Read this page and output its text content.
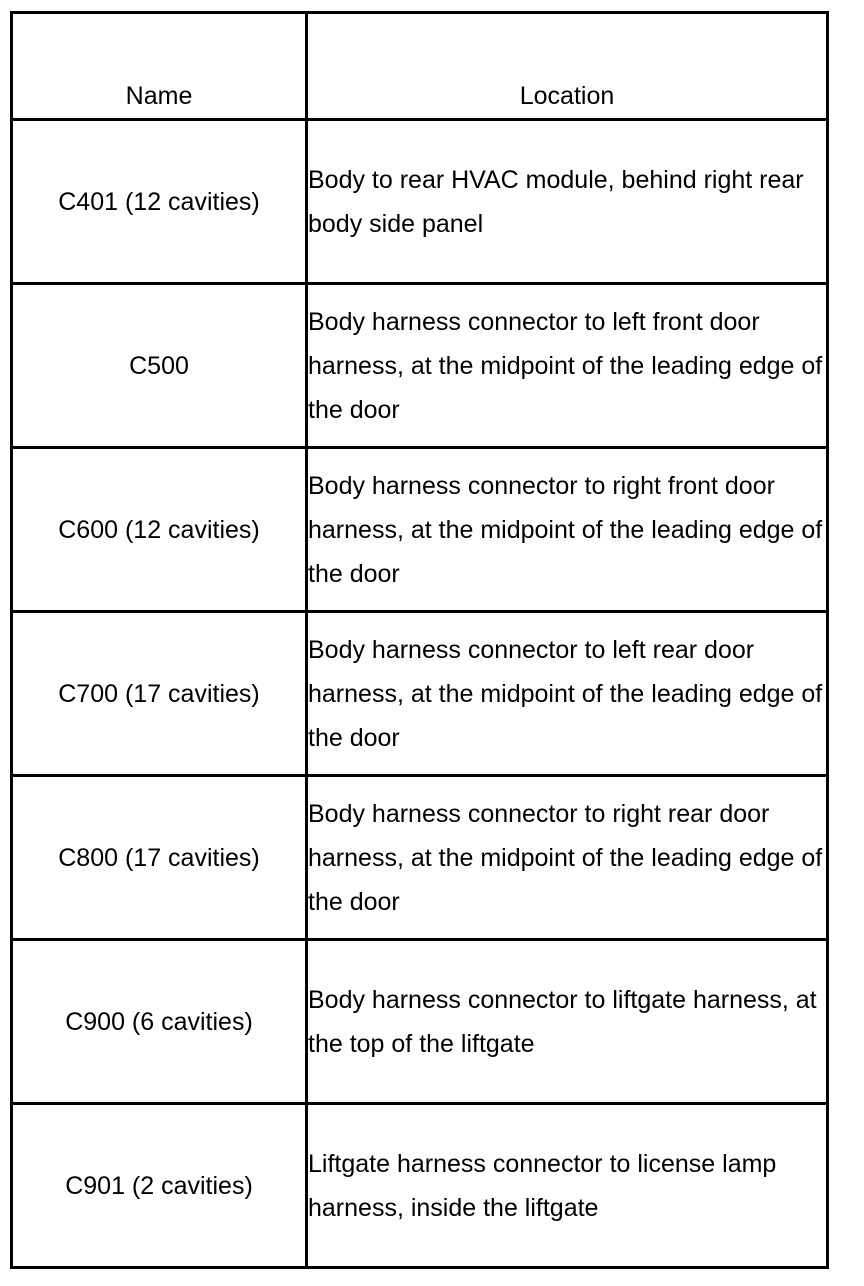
Name	Location
C401 (12 cavities)	Body to rear HVAC module, behind right rear body side panel
C500	Body harness connector to left front door harness, at the midpoint of the leading edge of the door
C600 (12 cavities)	Body harness connector to right front door harness, at the midpoint of the leading edge of the door
C700 (17 cavities)	Body harness connector to left rear door harness, at the midpoint of the leading edge of the door
C800 (17 cavities)	Body harness connector to right rear door harness, at the midpoint of the leading edge of the door
C900 (6 cavities)	Body harness connector to liftgate harness, at the top of the liftgate
C901 (2 cavities)	Liftgate harness connector to license lamp harness, inside the liftgate
